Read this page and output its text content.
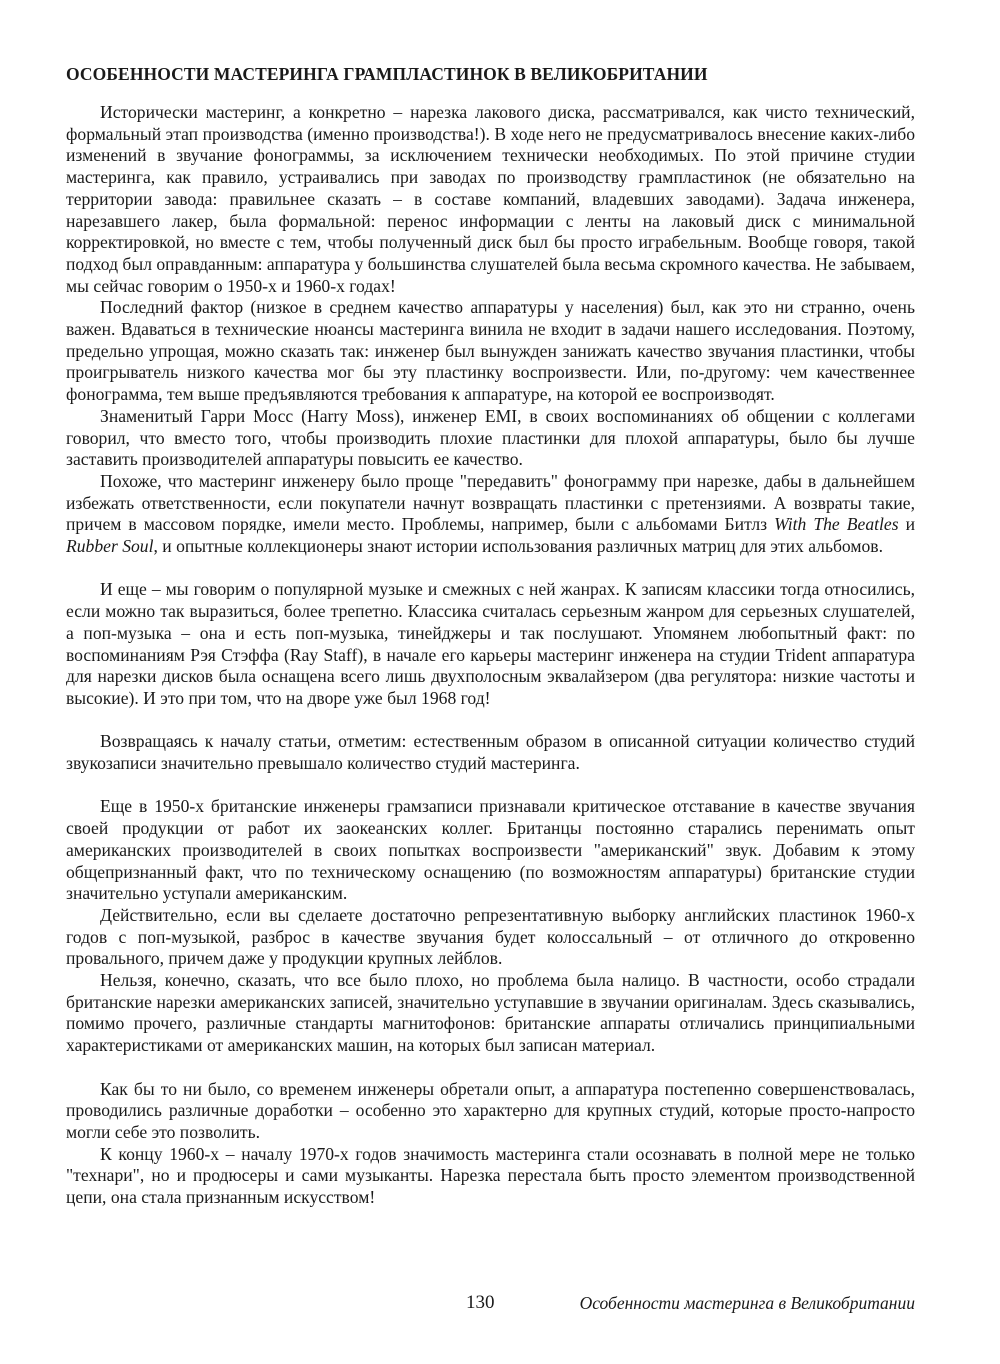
ОСОБЕННОСТИ МАСТЕРИНГА ГРАМПЛАСТИНОК В ВЕЛИКОБРИТАНИИ

Исторически мастеринг, а конкретно – нарезка лакового диска, рассматривался, как чисто технический, формальный этап производства (именно производства!). В ходе него не предусматривалось внесение каких-либо изменений в звучание фонограммы, за исключением технически необходимых. По этой причине студии мастеринга, как правило, устраивались при заводах по производству грампластинок (не обязательно на территории завода: правильнее сказать – в составе компаний, владевших заводами). Задача инженера, нарезавшего лакер, была формальной: перенос информации с ленты на лаковый диск с минимальной корректировкой, но вместе с тем, чтобы полученный диск был бы просто играбельным. Вообще говоря, такой подход был оправданным: аппаратура у большинства слушателей была весьма скромного качества. Не забываем, мы сейчас говорим о 1950-х и 1960-х годах!

Последний фактор (низкое в среднем качество аппаратуры у населения) был, как это ни странно, очень важен. Вдаваться в технические нюансы мастеринга винила не входит в задачи нашего исследования. Поэтому, предельно упрощая, можно сказать так: инженер был вынужден занижать качество звучания пластинки, чтобы проигрыватель низкого качества мог бы эту пластинку воспроизвести. Или, по-другому: чем качественнее фонограмма, тем выше предъявляются требования к аппаратуре, на которой ее воспроизводят.

Знаменитый Гарри Мосс (Harry Moss), инженер EMI, в своих воспоминаниях об общении с коллегами говорил, что вместо того, чтобы производить плохие пластинки для плохой аппаратуры, было бы лучше заставить производителей аппаратуры повысить ее качество.

Похоже, что мастеринг инженеру было проще "передавить" фонограмму при нарезке, дабы в дальнейшем избежать ответственности, если покупатели начнут возвращать пластинки с претензиями. А возвраты такие, причем в массовом порядке, имели место. Проблемы, например, были с альбомами Битлз With The Beatles и Rubber Soul, и опытные коллекционеры знают истории использования различных матриц для этих альбомов.

И еще – мы говорим о популярной музыке и смежных с ней жанрах. К записям классики тогда относились, если можно так выразиться, более трепетно. Классика считалась серьезным жанром для серьезных слушателей, а поп-музыка – она и есть поп-музыка, тинейджеры и так послушают. Упомянем любопытный факт: по воспоминаниям Рэя Стэффа (Ray Staff), в начале его карьеры мастеринг инженера на студии Trident аппаратура для нарезки дисков была оснащена всего лишь двухполосным эквалайзером (два регулятора: низкие частоты и высокие). И это при том, что на дворе уже был 1968 год!

Возвращаясь к началу статьи, отметим: естественным образом в описанной ситуации количество студий звукозаписи значительно превышало количество студий мастеринга.

Еще в 1950-х британские инженеры грамзаписи признавали критическое отставание в качестве звучания своей продукции от работ их заокеанских коллег. Британцы постоянно старались перенимать опыт американских производителей в своих попытках воспроизвести "американский" звук. Добавим к этому общепризнанный факт, что по техническому оснащению (по возможностям аппаратуры) британские студии значительно уступали американским.

Действительно, если вы сделаете достаточно репрезентативную выборку английских пластинок 1960-х годов с поп-музыкой, разброс в качестве звучания будет колоссальный – от отличного до откровенно провального, причем даже у продукции крупных лейблов.

Нельзя, конечно, сказать, что все было плохо, но проблема была налицо. В частности, особо страдали британские нарезки американских записей, значительно уступавшие в звучании оригиналам. Здесь сказывались, помимо прочего, различные стандарты магнитофонов: британские аппараты отличались принципиальными характеристиками от американских машин, на которых был записан материал.

Как бы то ни было, со временем инженеры обретали опыт, а аппаратура постепенно совершенствовалась, проводились различные доработки – особенно это характерно для крупных студий, которые просто-напросто могли себе это позволить.

К концу 1960-х – началу 1970-х годов значимость мастеринга стали осознавать в полной мере не только "технари", но и продюсеры и сами музыканты. Нарезка перестала быть просто элементом производственной цепи, она стала признанным искусством!

130	Особенности мастеринга в Великобритании
